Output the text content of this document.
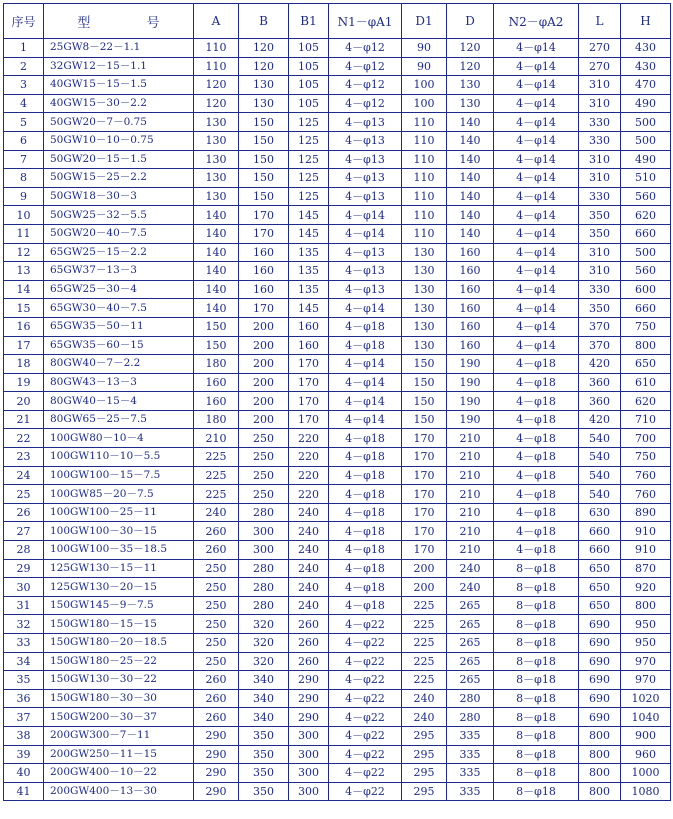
序号	型 号	A	B	B1	N1－φA1	D1	D	N2－φA2	L	H
1	25GW8－22－1.1	110	120	105	4－φ12	90	120	4－φ14	270	430
2	32GW12－15－1.1	110	120	105	4－φ12	90	120	4－φ14	270	430
3	40GW15－15－1.5	120	130	105	4－φ12	100	130	4－φ14	310	470
4	40GW15－30－2.2	120	130	105	4－φ12	100	130	4－φ14	310	490
5	50GW20－7－0.75	130	150	125	4－φ13	110	140	4－φ14	330	500
6	50GW10－10－0.75	130	150	125	4－φ13	110	140	4－φ14	330	500
7	50GW20－15－1.5	130	150	125	4－φ13	110	140	4－φ14	310	490
8	50GW15－25－2.2	130	150	125	4－φ13	110	140	4－φ14	310	510
9	50GW18－30－3	130	150	125	4－φ13	110	140	4－φ14	330	560
10	50GW25－32－5.5	140	170	145	4－φ14	110	140	4－φ14	350	620
11	50GW20－40－7.5	140	170	145	4－φ14	110	140	4－φ14	350	660
12	65GW25－15－2.2	140	160	135	4－φ13	130	160	4－φ14	310	500
13	65GW37－13－3	140	160	135	4－φ13	130	160	4－φ14	310	560
14	65GW25－30－4	140	160	135	4－φ13	130	160	4－φ14	330	600
15	65GW30－40－7.5	140	170	145	4－φ14	130	160	4－φ14	350	660
16	65GW35－50－11	150	200	160	4－φ18	130	160	4－φ14	370	750
17	65GW35－60－15	150	200	160	4－φ18	130	160	4－φ14	370	800
18	80GW40－7－2.2	180	200	170	4－φ14	150	190	4－φ18	420	650
19	80GW43－13－3	160	200	170	4－φ14	150	190	4－φ18	360	610
20	80GW40－15－4	160	200	170	4－φ14	150	190	4－φ18	360	620
21	80GW65－25－7.5	180	200	170	4－φ14	150	190	4－φ18	420	710
22	100GW80－10－4	210	250	220	4－φ18	170	210	4－φ18	540	700
23	100GW110－10－5.5	225	250	220	4－φ18	170	210	4－φ18	540	750
24	100GW100－15－7.5	225	250	220	4－φ18	170	210	4－φ18	540	760
25	100GW85－20－7.5	225	250	220	4－φ18	170	210	4－φ18	540	760
26	100GW100－25－11	240	280	240	4－φ18	170	210	4－φ18	630	890
27	100GW100－30－15	260	300	240	4－φ18	170	210	4－φ18	660	910
28	100GW100－35－18.5	260	300	240	4－φ18	170	210	4－φ18	660	910
29	125GW130－15－11	250	280	240	4－φ18	200	240	8－φ18	650	870
30	125GW130－20－15	250	280	240	4－φ18	200	240	8－φ18	650	920
31	150GW145－9－7.5	250	280	240	4－φ18	225	265	8－φ18	650	800
32	150GW180－15－15	250	320	260	4－φ22	225	265	8－φ18	690	950
33	150GW180－20－18.5	250	320	260	4－φ22	225	265	8－φ18	690	950
34	150GW180－25－22	250	320	260	4－φ22	225	265	8－φ18	690	970
35	150GW130－30－22	260	340	290	4－φ22	225	265	8－φ18	690	970
36	150GW180－30－30	260	340	290	4－φ22	240	280	8－φ18	690	1020
37	150GW200－30－37	260	340	290	4－φ22	240	280	8－φ18	690	1040
38	200GW300－7－11	290	350	300	4－φ22	295	335	8－φ18	800	900
39	200GW250－11－15	290	350	300	4－φ22	295	335	8－φ18	800	960
40	200GW400－10－22	290	350	300	4－φ22	295	335	8－φ18	800	1000
41	200GW400－13－30	290	350	300	4－φ22	295	335	8－φ18	800	1080
